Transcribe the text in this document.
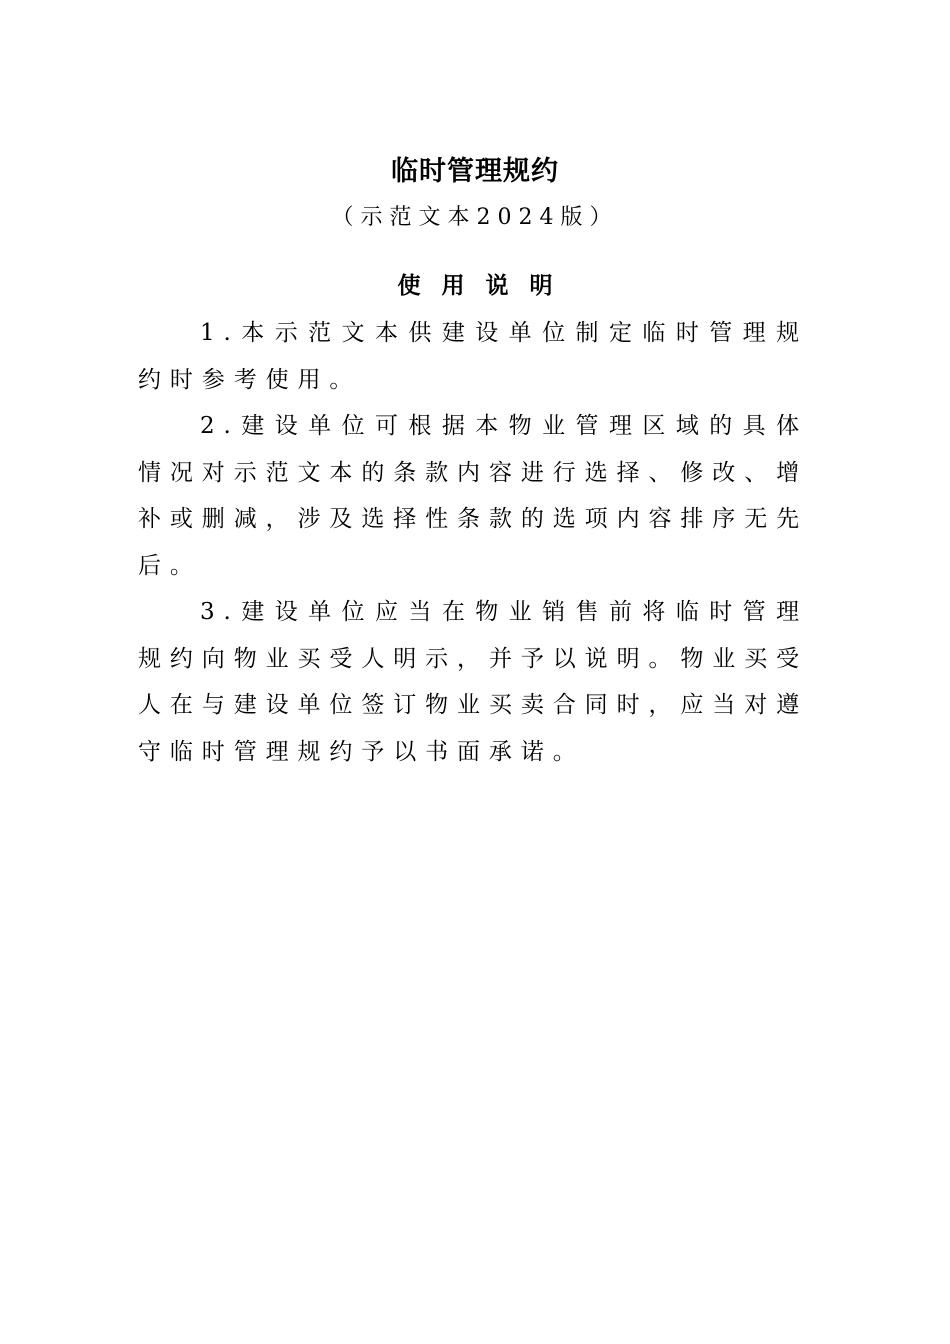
临时管理规约
（示范文本2024版）
使用说明

1.本示范文本供建设单位制定临时管理规约时参考使用。

2.建设单位可根据本物业管理区域的具体情况对示范文本的条款内容进行选择、修改、增补或删减，涉及选择性条款的选项内容排序无先后。

3.建设单位应当在物业销售前将临时管理规约向物业买受人明示，并予以说明。物业买受人在与建设单位签订物业买卖合同时，应当对遵守临时管理规约予以书面承诺。
